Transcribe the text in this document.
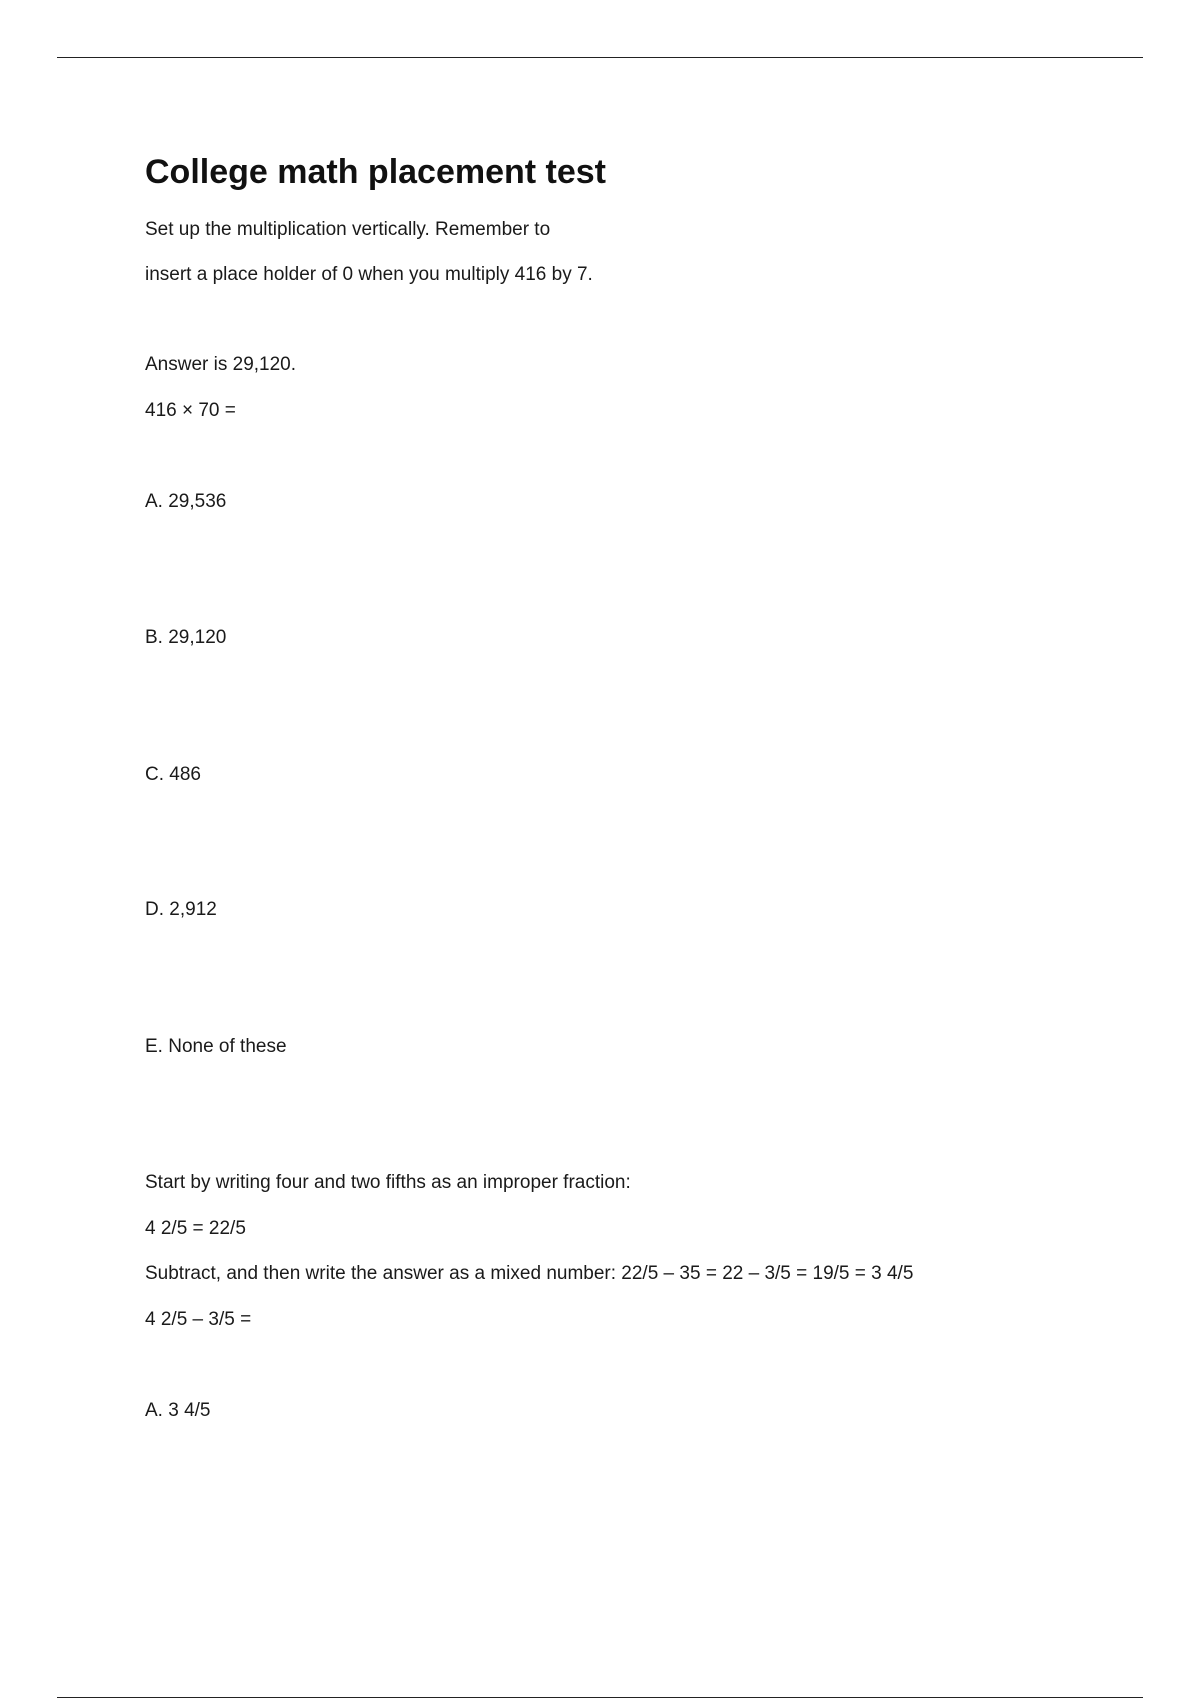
College math placement test
Set up the multiplication vertically. Remember to
insert a place holder of 0 when you multiply 416 by 7.
Answer is 29,120.
416 × 70 =
A. 29,536
B. 29,120
C. 486
D. 2,912
E. None of these
Start by writing four and two fifths as an improper fraction:
4 2/5 = 22/5
Subtract, and then write the answer as a mixed number: 22/5 – 35 = 22 – 3/5 = 19/5 = 3 4/5
4 2/5 – 3/5 =
A. 3 4/5
